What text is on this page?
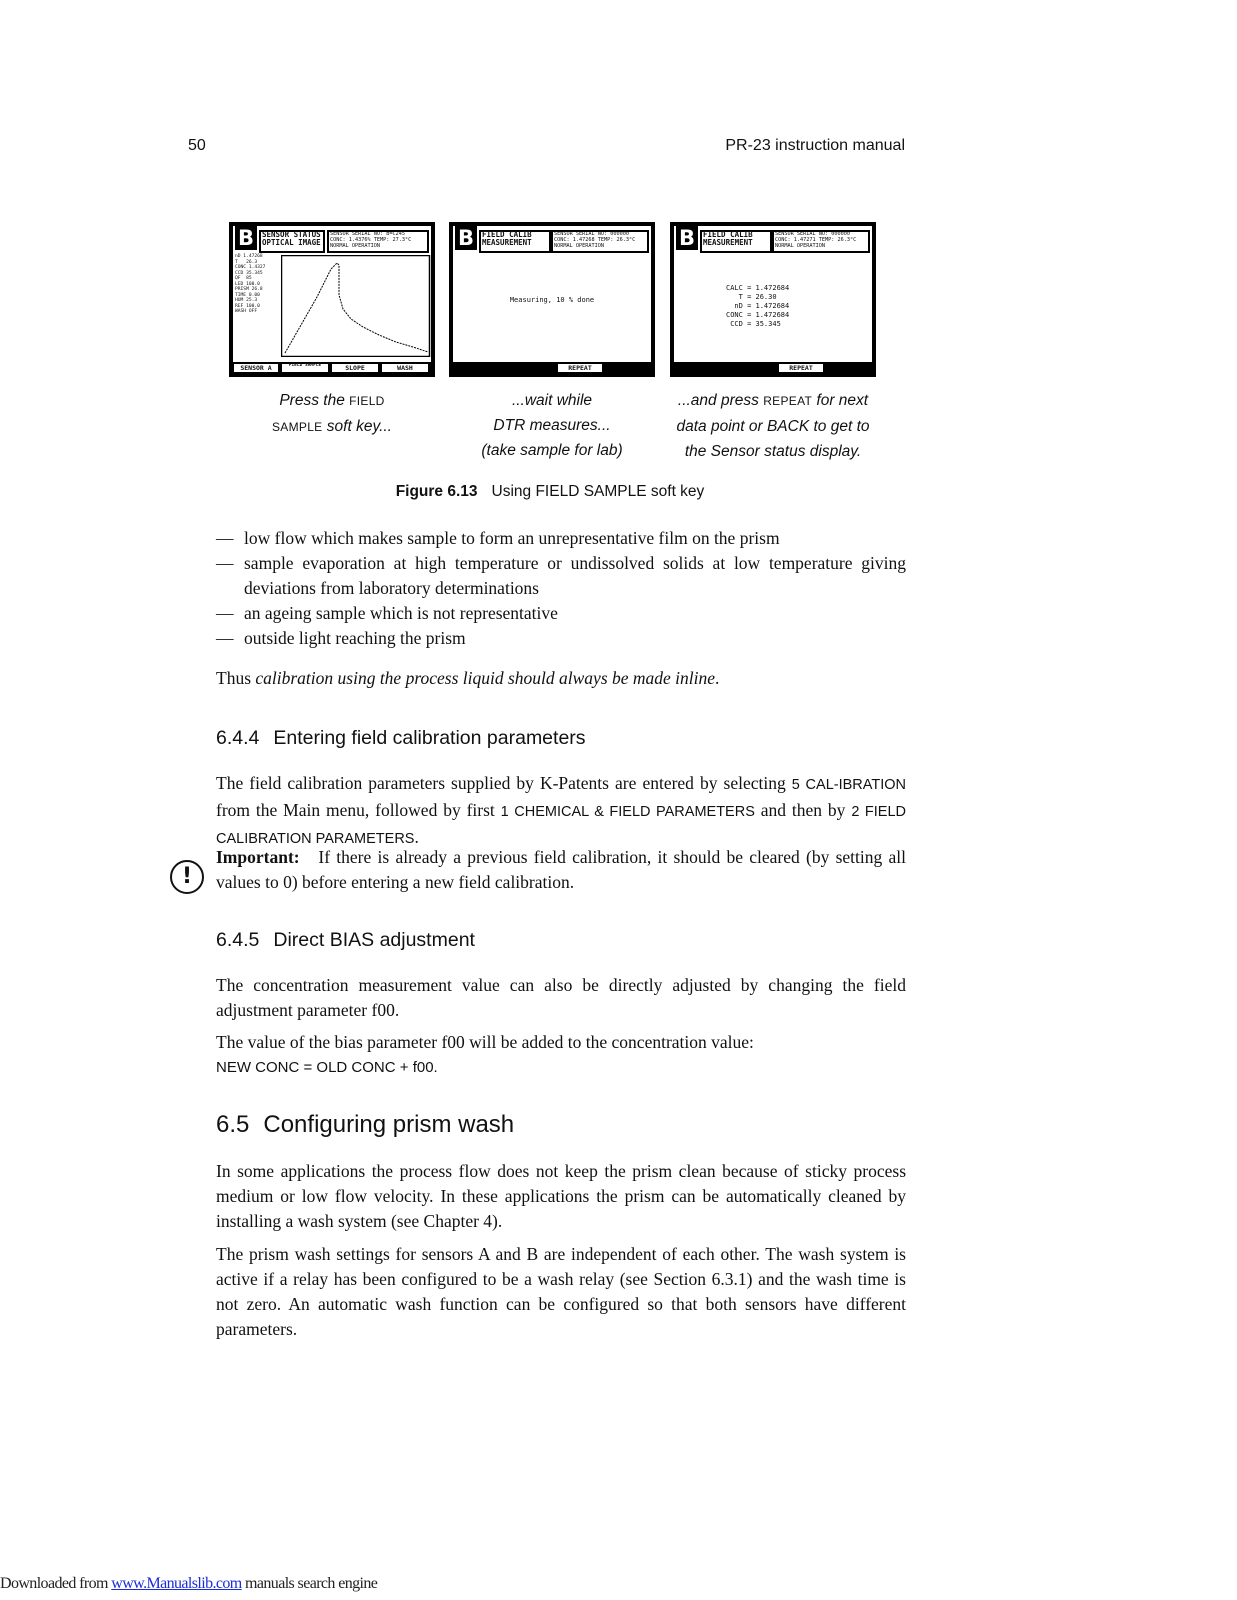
50	PR-23 instruction manual
B	SENSOR STATUS
OPTICAL IMAGE
SENSOR SERIAL NO: B=C245
CONC: 1.4376% TEMP: 27.3°C
NORMAL OPERATION
nD 1.47268
T   26.3
CONC 1.4327
CCD 35.345
QF  85
LED 100.0
PRISM 26.8
TIME 0.00
HUM 25.3
REF 100.0
WASH OFF
SENSOR A	FIELD SAMPLE	SLOPE	WASH
B	FIELD CALIB
MEASUREMENT
SENSOR SERIAL NO: 000000
CONC: 1.47268 TEMP: 26.3°C
NORMAL OPERATION
Measuring, 10 % done
REPEAT
B	FIELD CALIB
MEASUREMENT
SENSOR SERIAL NO: 000000
CONC: 1.47271 TEMP: 26.3°C
NORMAL OPERATION
CALC = 1.472684
T = 26.30
nD = 1.472684
CONC = 1.472684
CCD = 35.345
REPEAT
Press the FIELD
SAMPLE soft key...
...wait while
DTR measures...
(take sample for lab)
...and press REPEAT for next
data point or BACK to get to
the Sensor status display.
Figure 6.13 Using FIELD SAMPLE soft key
— low flow which makes sample to form an unrepresentative film on the prism
— sample evaporation at high temperature or undissolved solids at low temperature giving deviations from laboratory determinations
— an ageing sample which is not representative
— outside light reaching the prism
Thus calibration using the process liquid should always be made inline.
6.4.4 Entering field calibration parameters
The field calibration parameters supplied by K-Patents are entered by selecting 5 CAL-IBRATION from the Main menu, followed by first 1 CHEMICAL & FIELD PARAMETERS and then by 2 FIELD CALIBRATION PARAMETERS.
!
Important: If there is already a previous field calibration, it should be cleared (by setting all values to 0) before entering a new field calibration.
6.4.5 Direct BIAS adjustment
The concentration measurement value can also be directly adjusted by changing the field adjustment parameter f00.
The value of the bias parameter f00 will be added to the concentration value:
NEW CONC = OLD CONC + f00.
6.5 Configuring prism wash
In some applications the process flow does not keep the prism clean because of sticky process medium or low flow velocity. In these applications the prism can be automatically cleaned by installing a wash system (see Chapter 4).
The prism wash settings for sensors A and B are independent of each other. The wash system is active if a relay has been configured to be a wash relay (see Section 6.3.1) and the wash time is not zero. An automatic wash function can be configured so that both sensors have different parameters.
Downloaded from www.Manualslib.com manuals search engine
